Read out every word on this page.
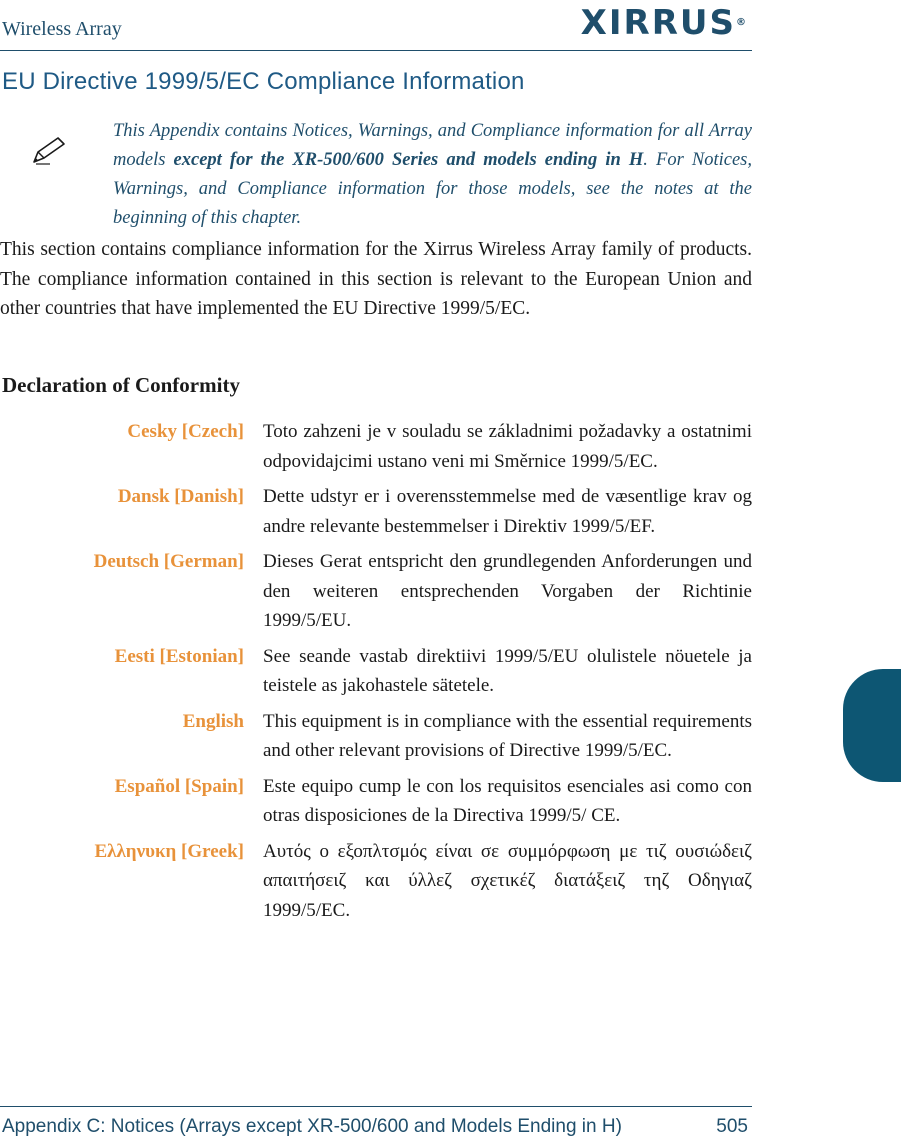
Wireless Array	XIRRUS®
EU Directive 1999/5/EC Compliance Information

This Appendix contains Notices, Warnings, and Compliance information for all Array models except for the XR-500/600 Series and models ending in H. For Notices, Warnings, and Compliance information for those models, see the notes at the beginning of this chapter.

This section contains compliance information for the Xirrus Wireless Array family of products. The compliance information contained in this section is relevant to the European Union and other countries that have implemented the EU Directive 1999/5/EC.

Declaration of Conformity
Cesky [Czech] Toto zahzeni je v souladu se základnimi požadavky a ostatnimi odpovidajcimi ustano veni mi Směrnice 1999/5/EC.
Dansk [Danish] Dette udstyr er i overensstemmelse med de væsentlige krav og andre relevante bestemmelser i Direktiv 1999/5/EF.
Deutsch [German] Dieses Gerat entspricht den grundlegenden Anforderungen und den weiteren entsprechenden Vorgaben der Richtinie 1999/5/EU.
Eesti [Estonian] See seande vastab direktiivi 1999/5/EU olulistele nöuetele ja teistele as jakohastele sätetele.
English This equipment is in compliance with the essential requirements and other relevant provisions of Directive 1999/5/EC.
Español [Spain] Este equipo cump le con los requisitos esenciales asi como con otras disposiciones de la Directiva 1999/5/ CE.
Ελληνυκη [Greek] Αυτός ο εξοπλτσμός είναι σε συμμόρφωση με τιζ ουσιώδειζ απαιτήσειζ και ύλλεζ σχετικέζ διατάξειζ τηζ Οδηγιαζ 1999/5/EC.
Appendix C: Notices (Arrays except XR-500/600 and Models Ending in H)	505
